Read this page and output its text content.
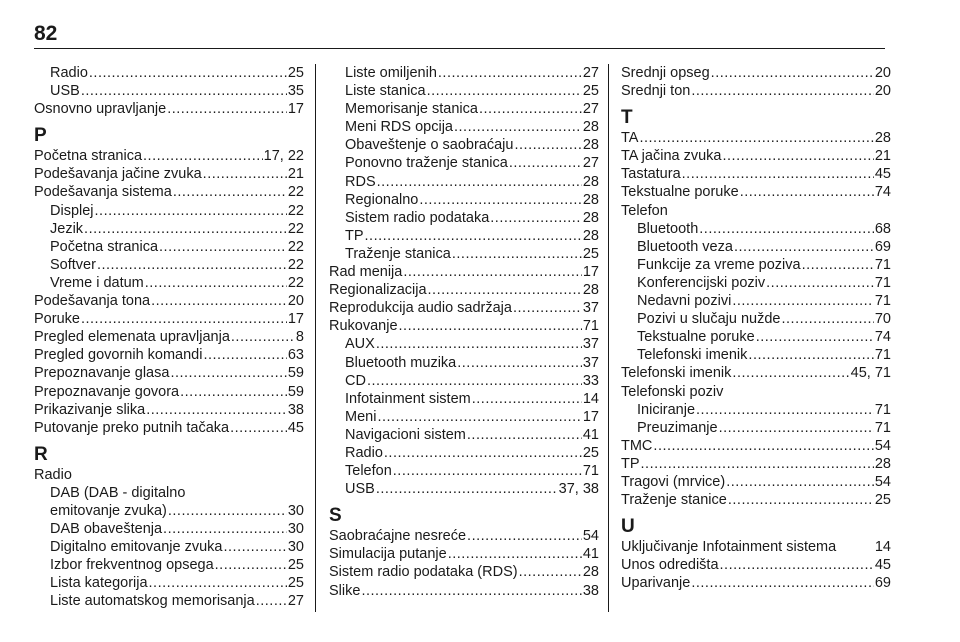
82
Radio .....	25
USB .....	35
Osnovno upravljanje .....	17
P
Početna stranica .....	17, 22
Podešavanja jačine zvuka .....	21
Podešavanja sistema .....	22
Displej .....	22
Jezik .....	22
Početna stranica .....	22
Softver .....	22
Vreme i datum .....	22
Podešavanja tona .....	20
Poruke .....	17
Pregled elemenata upravljanja .....	8
Pregled govornih komandi .....	63
Prepoznavanje glasa .....	59
Prepoznavanje govora .....	59
Prikazivanje slika .....	38
Putovanje preko putnih tačaka .....	45
R
Radio
DAB (DAB - digitalno
emitovanje zvuka) .....	30
DAB obaveštenja .....	30
Digitalno emitovanje zvuka .....	30
Izbor frekventnog opsega .....	25
Lista kategorija .....	25
Liste automatskog memorisanja ..... 27
Liste omiljenih .....	27
Liste stanica .....	25
Memorisanje stanica .....	27
Meni RDS opcija .....	28
Obaveštenje o saobraćaju .....	28
Ponovno traženje stanica .....	27
RDS .....	28
Regionalno .....	28
Sistem radio podataka .....	28
TP .....	28
Traženje stanica .....	25
Rad menija .....	17
Regionalizacija .....	28
Reprodukcija audio sadržaja .....	37
Rukovanje .....	71
AUX .....	37
Bluetooth muzika .....	37
CD .....	33
Infotainment sistem .....	14
Meni .....	17
Navigacioni sistem .....	41
Radio .....	25
Telefon .....	71
USB .....	37, 38
S
Saobraćajne nesreće .....	54
Simulacija putanje .....	41
Sistem radio podataka (RDS) .....	28
Slike .....	38
Srednji opseg .....	20
Srednji ton .....	20
T
TA .....	28
TA jačina zvuka .....	21
Tastatura .....	45
Tekstualne poruke .....	74
Telefon
Bluetooth .....	68
Bluetooth veza .....	69
Funkcije za vreme poziva .....	71
Konferencijski poziv .....	71
Nedavni pozivi .....	71
Pozivi u slučaju nužde .....	70
Tekstualne poruke .....	74
Telefonski imenik .....	71
Telefonski imenik .....	45, 71
Telefonski poziv
Iniciranje .....	71
Preuzimanje .....	71
TMC .....	54
TP .....	28
Tragovi (mrvice) .....	54
Traženje stanice .....	25
U
Uključivanje Infotainment sistema	14
Unos odredišta .....	45
Uparivanje .....	69
